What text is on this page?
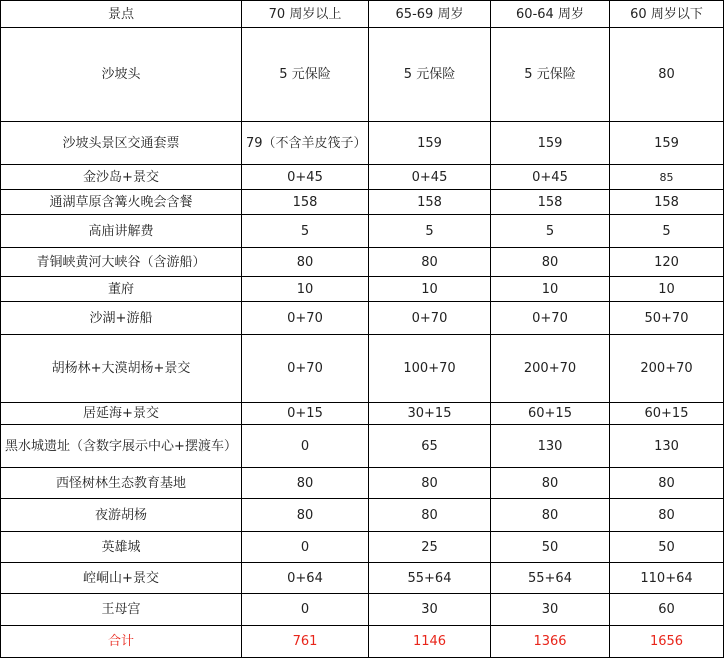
景点	70 周岁以上	65-69 周岁	60-64 周岁	60 周岁以下
沙坡头	5 元保险	5 元保险	5 元保险	80
沙坡头景区交通套票	79（不含羊皮筏子）	159	159	159
金沙岛+景交	0+45	0+45	0+45	85
通湖草原含篝火晚会含餐	158	158	158	158
高庙讲解费	5	5	5	5
青铜峡黄河大峡谷（含游船）	80	80	80	120
董府	10	10	10	10
沙湖+游船	0+70	0+70	0+70	50+70
胡杨林+大漠胡杨+景交	0+70	100+70	200+70	200+70
居延海+景交	0+15	30+15	60+15	60+15
黑水城遗址（含数字展示中心+摆渡车）	0	65	130	130
西怪树林生态教育基地	80	80	80	80
夜游胡杨	80	80	80	80
英雄城	0	25	50	50
崆峒山+景交	0+64	55+64	55+64	110+64
王母宫	0	30	30	60
合计	761	1146	1366	1656
